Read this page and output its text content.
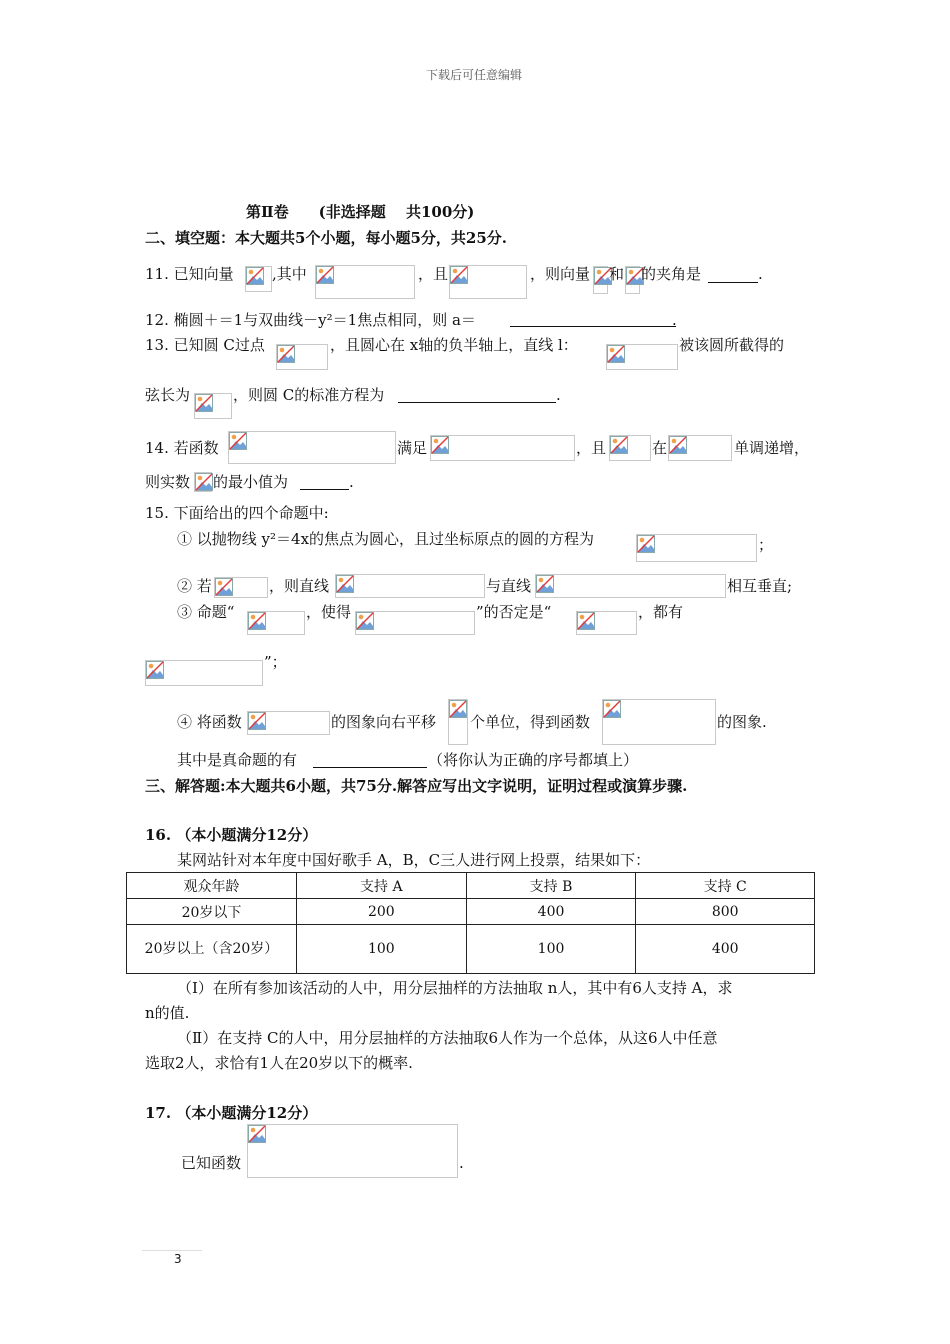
下载后可任意编辑
第Ⅱ卷　　(非选择题　 共100分)
二、填空题：本大题共5个小题，每小题5分，共25分.
11. 已知向量	,其中	，且	，则向量 和 的夹角是	.
12. 椭圆＋＝1与双曲线－y²＝1焦点相同，则 a＝	.
13. 已知圆 C过点	，且圆心在 x轴的负半轴上，直线 l：	被该圆所截得的
弦长为	，则圆 C的标准方程为	.
14. 若函数	满足	，且	在	单调递增，
则实数 的最小值为	.
15. 下面给出的四个命题中:
① 以抛物线 y²＝4x的焦点为圆心，且过坐标原点的圆的方程为	；
② 若	，则直线	与直线	相互垂直;
③ 命题“	，使得	”的否定是“	，都有
”；
④ 将函数	的图象向右平移 个单位，得到函数	的图象.
其中是真命题的有	（将你认为正确的序号都填上）
三、解答题:本大题共6小题，共75分.解答应写出文字说明，证明过程或演算步骤.
16. （本小题满分12分）
某网站针对本年度中国好歌手 A，B，C三人进行网上投票，结果如下：
观众年龄	支持 A	支持 B	支持 C
20岁以下	200	400	800
20岁以上（含20岁）	100	100	400
（Ⅰ）在所有参加该活动的人中，用分层抽样的方法抽取 n人，其中有6人支持 A，求
n的值.
（Ⅱ）在支持 C的人中，用分层抽样的方法抽取6人作为一个总体，从这6人中任意
选取2人，求恰有1人在20岁以下的概率.
17. （本小题满分12分）
已知函数	.
3
